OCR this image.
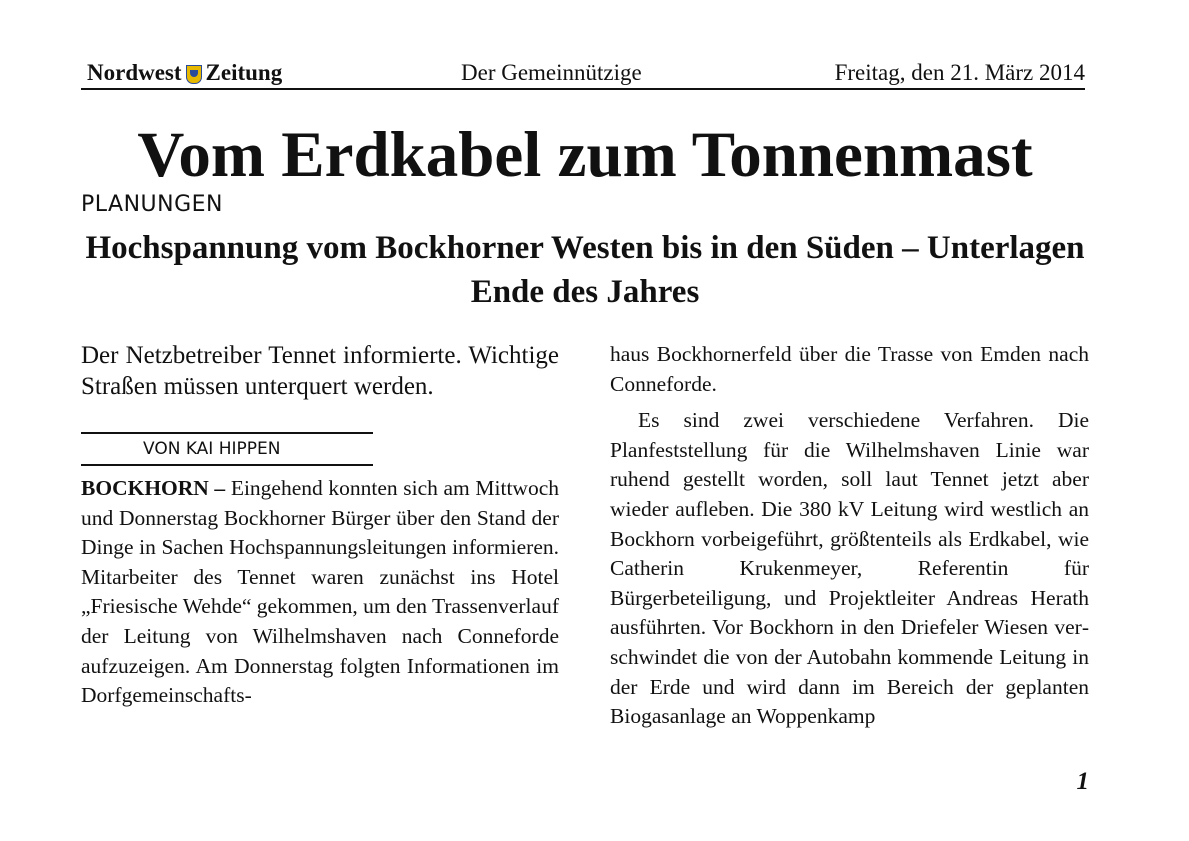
Nordwest Zeitung	Der Gemeinnützige	Freitag, den 21. März 2014
Vom Erdkabel zum Tonnenmast
PLANUNGEN
Hochspannung vom Bockhorner Westen bis in den Süden – Unterlagen Ende des Jahres

Der Netzbetreiber Tennet informierte. Wichtige Straßen müssen unterquert werden.

VON KAI HIPPEN

BOCKHORN – Eingehend konnten sich am Mittwoch und Donnerstag Bockhorner Bürger über den Stand der Dinge in Sachen Hochspannungsleitungen informieren. Mitarbeiter des Tennet waren zunächst ins Hotel „Friesische Wehde“ gekommen, um den Trassenverlauf der Leitung von Wilhelmshaven nach Conneforde aufzuzeigen. Am Donnerstag folgten Informationen im Dorfgemeinschafts-

haus Bockhornerfeld über die Trasse von Emden nach Conneforde.

Es sind zwei verschiedene Verfahren. Die Planfeststellung für die Wilhelmshaven Linie war ruhend gestellt worden, soll laut Tennet jetzt aber wieder aufleben. Die 380 kV Leitung wird westlich an Bockhorn vorbeigeführt, größtenteils als Erdkabel, wie Catherin Krukenmeyer, Referentin für Bürgerbeteiligung, und Projektleiter Andreas Herath ausführten. Vor Bockhorn in den Driefeler Wiesen verschwindet die von der Autobahn kommende Leitung in der Erde und wird dann im Bereich der geplanten Biogasanlage an Woppenkamp

1
